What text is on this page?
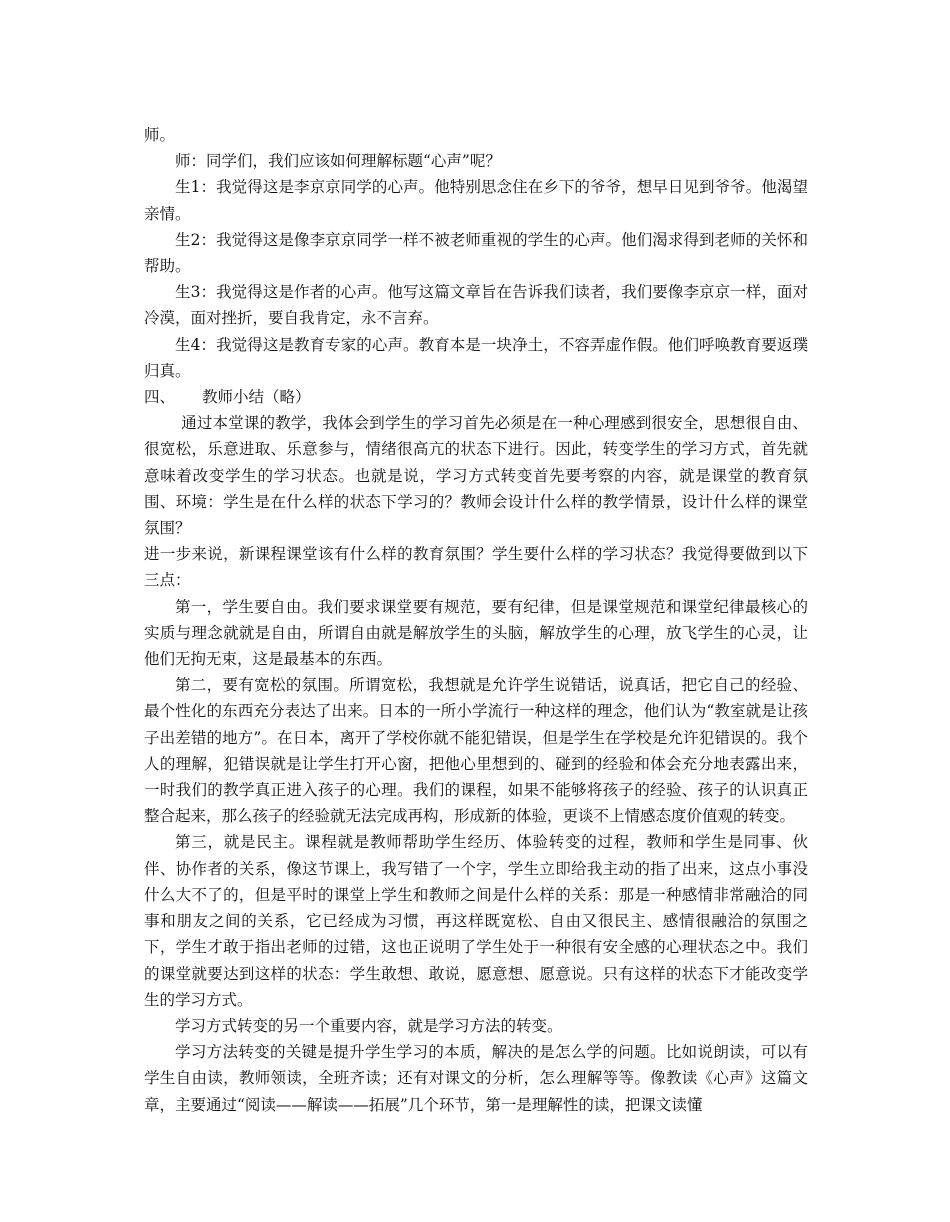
师。

师：同学们，我们应该如何理解标题“心声”呢？

生1：我觉得这是李京京同学的心声。他特别思念住在乡下的爷爷，想早日见到爷爷。他渴望亲情。

生2：我觉得这是像李京京同学一样不被老师重视的学生的心声。他们渴求得到老师的关怀和帮助。

生3：我觉得这是作者的心声。他写这篇文章旨在告诉我们读者，我们要像李京京一样，面对冷漠，面对挫折，要自我肯定，永不言弃。

生4：我觉得这是教育专家的心声。教育本是一块净土，不容弄虚作假。他们呼唤教育要返璞归真。

四、	教师小结（略）

通过本堂课的教学，我体会到学生的学习首先必须是在一种心理感到很安全，思想很自由、很宽松，乐意进取、乐意参与，情绪很高亢的状态下进行。因此，转变学生的学习方式，首先就意味着改变学生的学习状态。也就是说，学习方式转变首先要考察的内容，就是课堂的教育氛围、环境：学生是在什么样的状态下学习的？教师会设计什么样的教学情景，设计什么样的课堂氛围？

进一步来说，新课程课堂该有什么样的教育氛围？学生要什么样的学习状态？我觉得要做到以下三点：

第一，学生要自由。我们要求课堂要有规范，要有纪律，但是课堂规范和课堂纪律最核心的实质与理念就就是自由，所谓自由就是解放学生的头脑，解放学生的心理，放飞学生的心灵，让他们无拘无束，这是最基本的东西。

第二，要有宽松的氛围。所谓宽松，我想就是允许学生说错话，说真话，把它自己的经验、最个性化的东西充分表达了出来。日本的一所小学流行一种这样的理念，他们认为“教室就是让孩子出差错的地方”。在日本，离开了学校你就不能犯错误，但是学生在学校是允许犯错误的。我个人的理解，犯错误就是让学生打开心窗，把他心里想到的、碰到的经验和体会充分地表露出来，一时我们的教学真正进入孩子的心理。我们的课程，如果不能够将孩子的经验、孩子的认识真正整合起来，那么孩子的经验就无法完成再构，形成新的体验，更谈不上情感态度价值观的转变。

第三，就是民主。课程就是教师帮助学生经历、体验转变的过程，教师和学生是同事、伙伴、协作者的关系，像这节课上，我写错了一个字，学生立即给我主动的指了出来，这点小事没什么大不了的，但是平时的课堂上学生和教师之间是什么样的关系：那是一种感情非常融洽的同事和朋友之间的关系，它已经成为习惯，再这样既宽松、自由又很民主、感情很融洽的氛围之下，学生才敢于指出老师的过错，这也正说明了学生处于一种很有安全感的心理状态之中。我们的课堂就要达到这样的状态：学生敢想、敢说，愿意想、愿意说。只有这样的状态下才能改变学生的学习方式。

学习方式转变的另一个重要内容，就是学习方法的转变。

学习方法转变的关键是提升学生学习的本质，解决的是怎么学的问题。比如说朗读，可以有学生自由读，教师领读，全班齐读；还有对课文的分析，怎么理解等等。像教读《心声》这篇文章，主要通过“阅读——解读——拓展”几个环节，第一是理解性的读，把课文读懂
